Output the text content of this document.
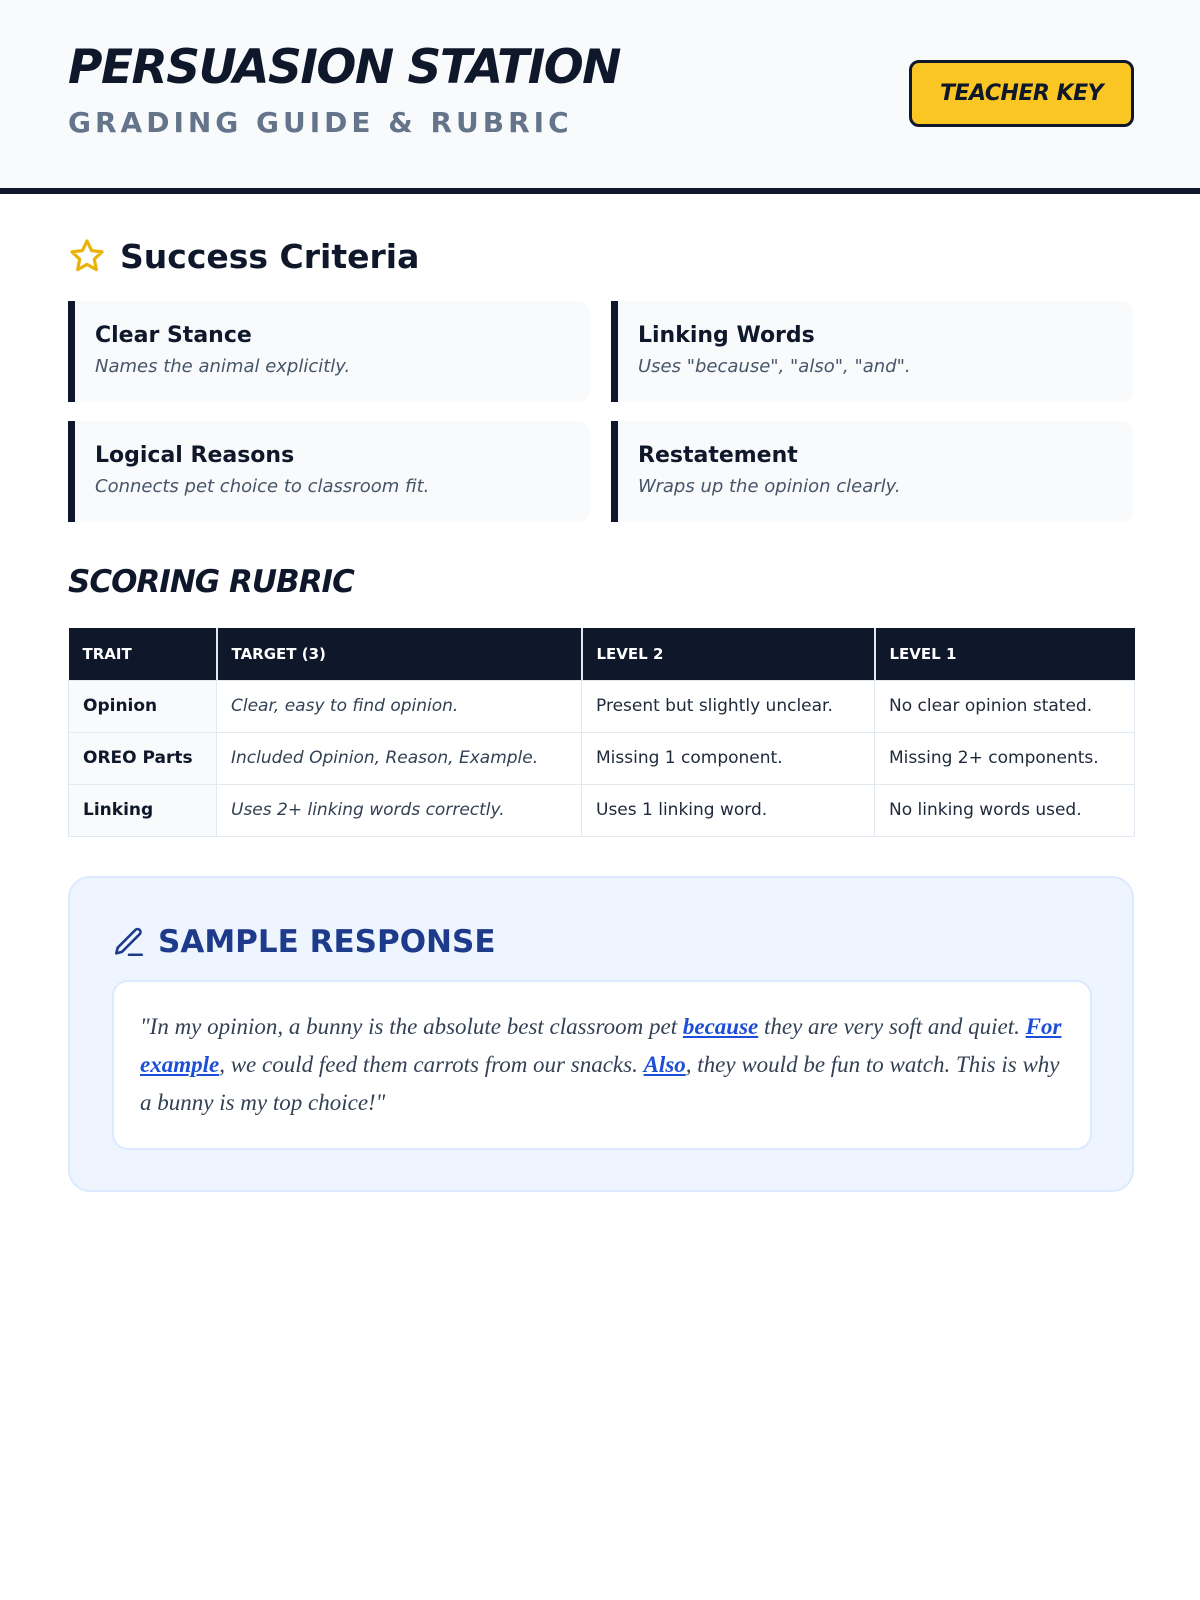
PERSUASION STATION
GRADING GUIDE & RUBRIC
TEACHER KEY
Success Criteria
Clear Stance
Names the animal explicitly.
Linking Words
Uses "because", "also", "and".
Logical Reasons
Connects pet choice to classroom fit.
Restatement
Wraps up the opinion clearly.
SCORING RUBRIC
TRAIT	TARGET (3)	LEVEL 2	LEVEL 1
Opinion	Clear, easy to find opinion.	Present but slightly unclear.	No clear opinion stated.
OREO Parts	Included Opinion, Reason, Example.	Missing 1 component.	Missing 2+ components.
Linking	Uses 2+ linking words correctly.	Uses 1 linking word.	No linking words used.
SAMPLE RESPONSE
"In my opinion, a bunny is the absolute best classroom pet because they are very soft and quiet. For example, we could feed them carrots from our snacks. Also, they would be fun to watch. This is why a bunny is my top choice!"
